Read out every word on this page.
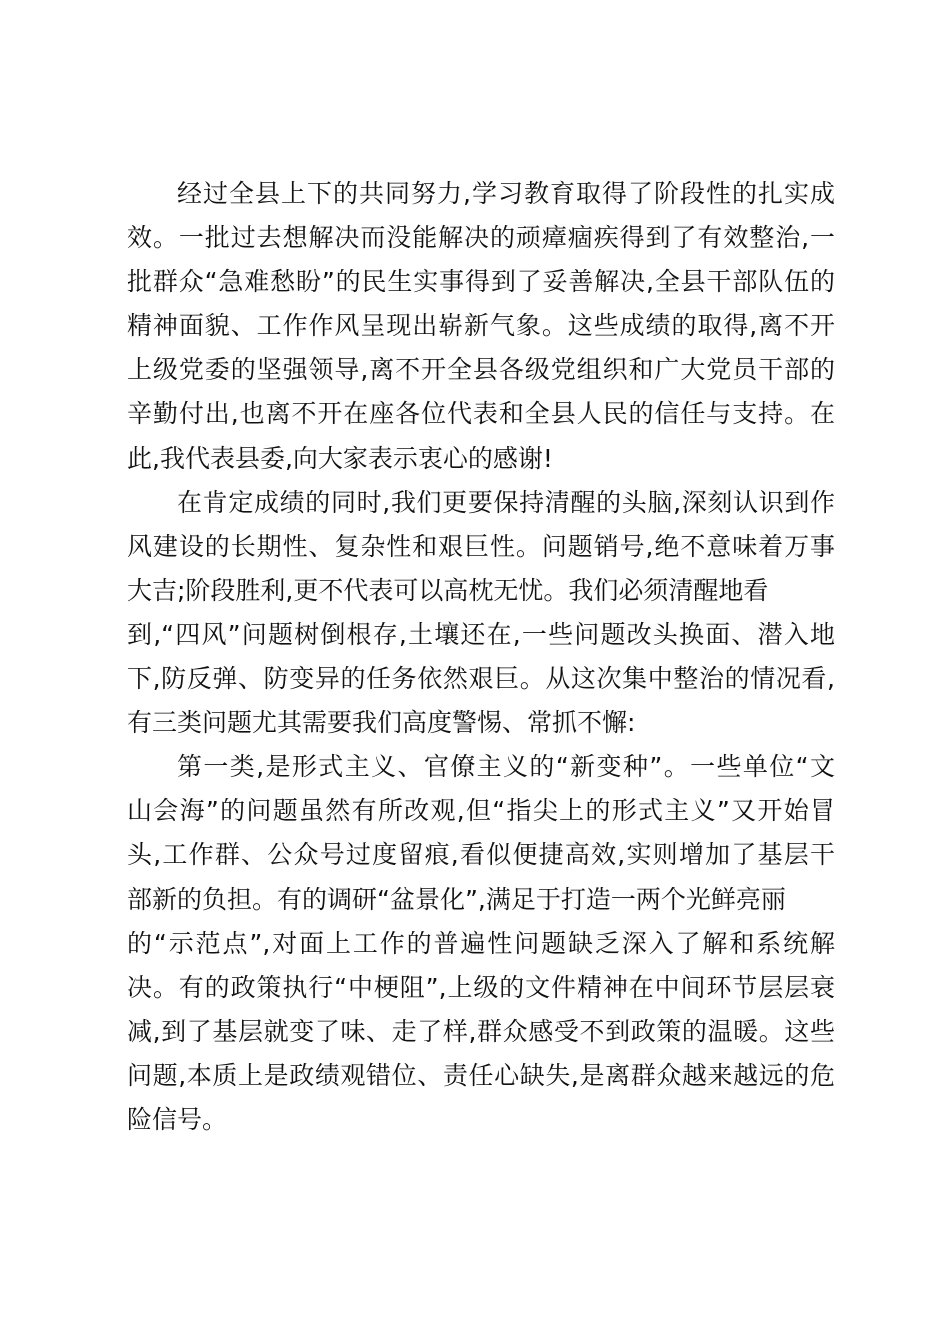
经过全县上下的共同努力,学习教育取得了阶段性的扎实成
效。一批过去想解决而没能解决的顽瘴痼疾得到了有效整治,一
批群众“急难愁盼”的民生实事得到了妥善解决,全县干部队伍的
精神面貌、工作作风呈现出崭新气象。这些成绩的取得,离不开
上级党委的坚强领导,离不开全县各级党组织和广大党员干部的
辛勤付出,也离不开在座各位代表和全县人民的信任与支持。在
此,我代表县委,向大家表示衷心的感谢!
在肯定成绩的同时,我们更要保持清醒的头脑,深刻认识到作
风建设的长期性、复杂性和艰巨性。问题销号,绝不意味着万事
大吉;阶段胜利,更不代表可以高枕无忧。我们必须清醒地看
到,“四风”问题树倒根存,土壤还在,一些问题改头换面、潜入地
下,防反弹、防变异的任务依然艰巨。从这次集中整治的情况看,
有三类问题尤其需要我们高度警惕、常抓不懈:
第一类,是形式主义、官僚主义的“新变种”。一些单位“文
山会海”的问题虽然有所改观,但“指尖上的形式主义”又开始冒
头,工作群、公众号过度留痕,看似便捷高效,实则增加了基层干
部新的负担。有的调研“盆景化”,满足于打造一两个光鲜亮丽
的“示范点”,对面上工作的普遍性问题缺乏深入了解和系统解
决。有的政策执行“中梗阻”,上级的文件精神在中间环节层层衰
减,到了基层就变了味、走了样,群众感受不到政策的温暖。这些
问题,本质上是政绩观错位、责任心缺失,是离群众越来越远的危
险信号。
